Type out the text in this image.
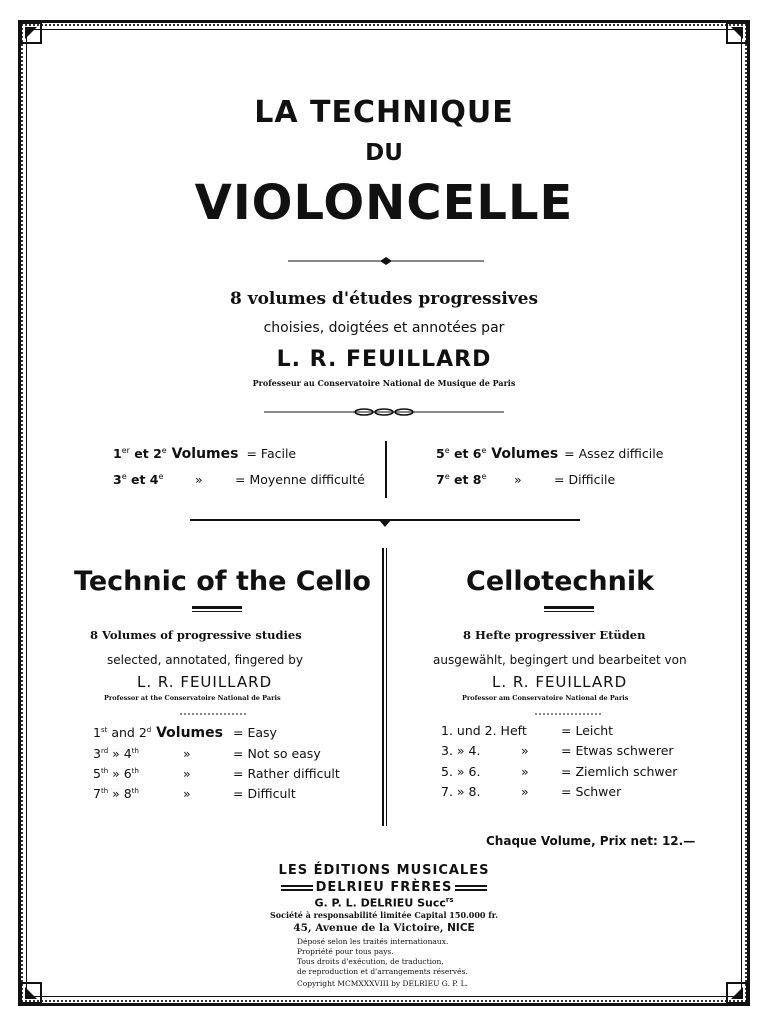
LA TECHNIQUE
DU
VIOLONCELLE
8 volumes d'études progressives
choisies, doigtées et annotées par
L. R. FEUILLARD
Professeur au Conservatoire National de Musique de Paris
1er et 2e Volumes = Facile
3e et 4e	»	= Moyenne difficulté
5e et 6e Volumes = Assez difficile
7e et 8e »	= Difficile
Technic of the Cello
8 Volumes of progressive studies
selected, annotated, fingered by
L. R. FEUILLARD
Professor at the Conservatoire National de Paris
1st and 2$^d$ Volumes = Easy
3rd » 4th	»	= Not so easy
5th » 6th	»	= Rather difficult
7th » 8th	»	= Difficult
Cellotechnik
8 Hefte progressiver Etüden
ausgewählt, begingert und bearbeitet von
L. R. FEUILLARD
Professor am Conservatoire National de Paris
1. und 2. Heft	= Leicht
3. » 4.	»	= Etwas schwerer
5. » 6.	»	= Ziemlich schwer
7. » 8.	»	= Schwer
Chaque Volume, Prix net: 12.—
LES ÉDITIONS MUSICALES
DELRIEU FRÈRES
G. P. L. DELRIEU Succ$^{rs}$
Société à responsabilité limitée Capital 150.000 fr.
45, Avenue de la Victoire, NICE
Déposé selon les traités internationaux.
Propriété pour tous pays.
Tous droits d'exécution, de traduction,
de reproduction et d'arrangements réservés.
Copyright MCMXXXVIII by DELRIEU G. P. L.
